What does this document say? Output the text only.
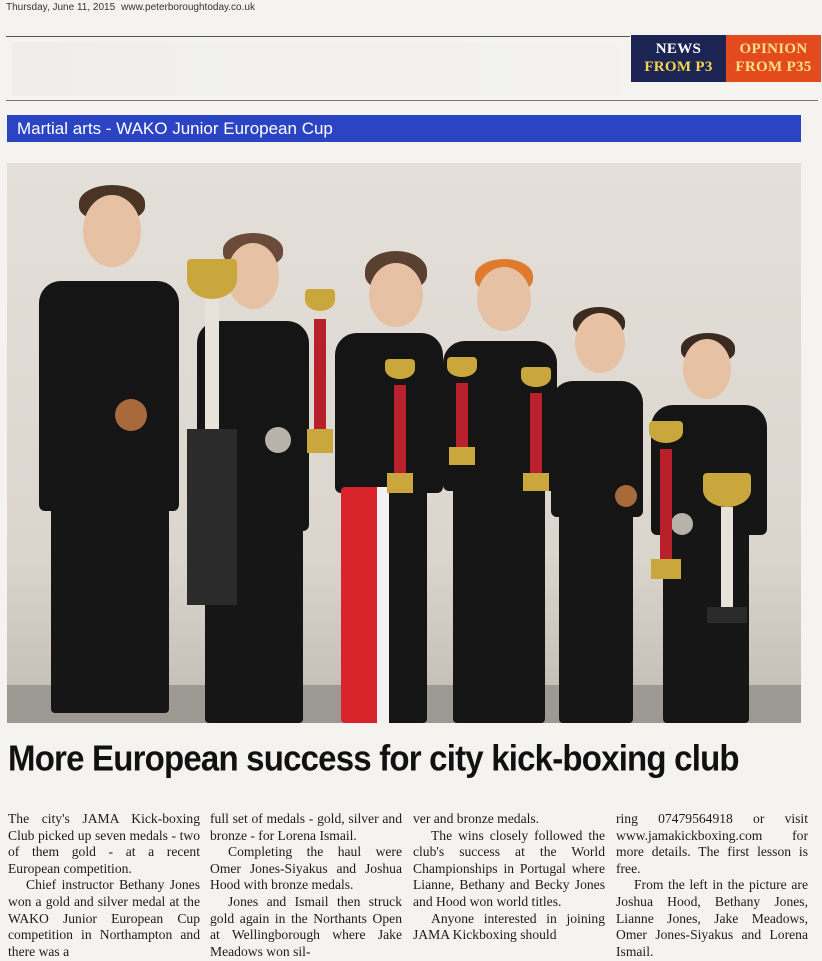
Thursday, June 11, 2015 www.peterboroughtoday.co.uk
NEWS
FROM P3
OPINION
FROM P35
Martial arts - WAKO Junior European Cup
More European success for city kick-boxing club

The city's JAMA Kick-boxing Club picked up seven medals - two of them gold - at a recent European competition.

Chief instructor Bethany Jones won a gold and silver medal at the WAKO Junior European Cup competition in Northampton and there was a

full set of medals - gold, silver and bronze - for Lorena Ismail.

Completing the haul were Omer Jones-Siyakus and Joshua Hood with bronze medals.

Jones and Ismail then struck gold again in the Northants Open at Wellingborough where Jake Meadows won sil-

ver and bronze medals.

The wins closely followed the club's success at the World Championships in Portugal where Lianne, Bethany and Becky Jones and Hood won world titles.

Anyone interested in joining JAMA Kickboxing should

ring 07479564918 or visit www.jamakickboxing.com for more details. The first lesson is free.

From the left in the picture are Joshua Hood, Bethany Jones, Lianne Jones, Jake Meadows, Omer Jones-Siyakus and Lorena Ismail.
